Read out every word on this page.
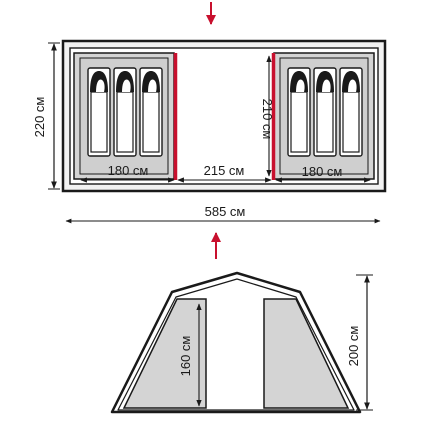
220 см	210 см
180 см	215 см	180 см
585 см
160 см	200 см
